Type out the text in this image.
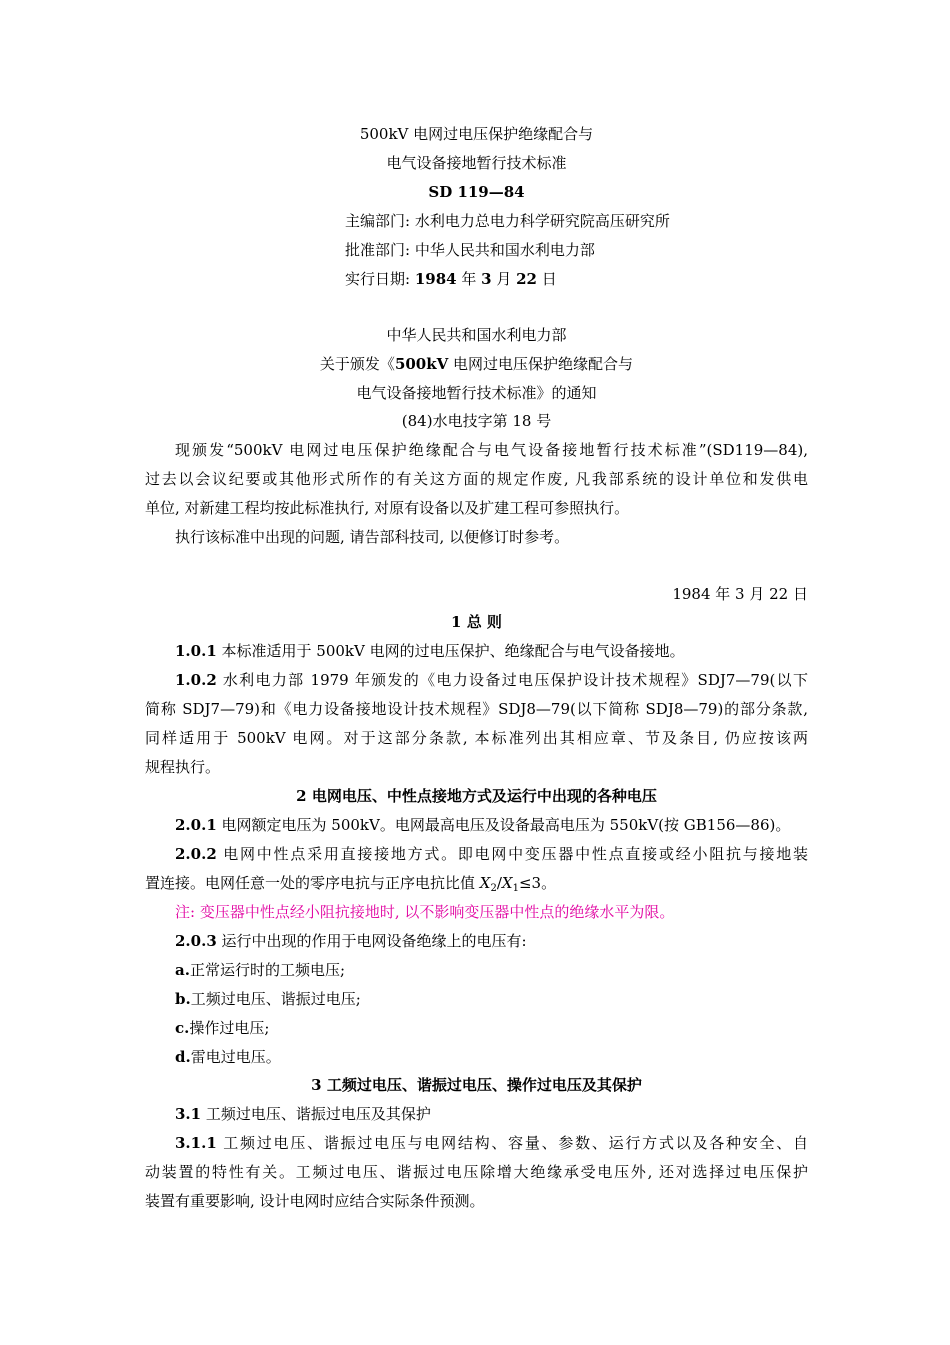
500kV 电网过电压保护绝缘配合与
电气设备接地暂行技术标准
SD 119—84
主编部门: 水利电力总电力科学研究院高压研究所
批准部门: 中华人民共和国水利电力部
实行日期: 1984 年 3 月 22 日
中华人民共和国水利电力部
关于颁发《500kV 电网过电压保护绝缘配合与
电气设备接地暂行技术标准》的通知
(84)水电技字第 18 号
现颁发“500kV 电网过电压保护绝缘配合与电气设备接地暂行技术标准”(SD119—84),
过去以会议纪要或其他形式所作的有关这方面的规定作废, 凡我部系统的设计单位和发供电
单位, 对新建工程均按此标准执行, 对原有设备以及扩建工程可参照执行。
执行该标准中出现的问题, 请告部科技司, 以便修订时参考。
1984 年 3 月 22 日
1 总 则
1.0.1 本标准适用于 500kV 电网的过电压保护、绝缘配合与电气设备接地。
1.0.2 水利电力部 1979 年颁发的《电力设备过电压保护设计技术规程》SDJ7—79(以下
简称 SDJ7—79)和《电力设备接地设计技术规程》SDJ8—79(以下简称 SDJ8—79)的部分条款,
同样适用于 500kV 电网。对于这部分条款, 本标准列出其相应章、节及条目, 仍应按该两
规程执行。
2 电网电压、中性点接地方式及运行中出现的各种电压
2.0.1 电网额定电压为 500kV。电网最高电压及设备最高电压为 550kV(按 GB156—86)。
2.0.2 电网中性点采用直接接地方式。即电网中变压器中性点直接或经小阻抗与接地装
置连接。电网任意一处的零序电抗与正序电抗比值 $X_2/X_1\le 3$。
注: 变压器中性点经小阻抗接地时, 以不影响变压器中性点的绝缘水平为限。
2.0.3 运行中出现的作用于电网设备绝缘上的电压有:
a.正常运行时的工频电压;
b.工频过电压、谐振过电压;
c.操作过电压;
d.雷电过电压。
3 工频过电压、谐振过电压、操作过电压及其保护
3.1 工频过电压、谐振过电压及其保护
3.1.1 工频过电压、谐振过电压与电网结构、容量、参数、运行方式以及各种安全、自
动装置的特性有关。工频过电压、谐振过电压除增大绝缘承受电压外, 还对选择过电压保护
装置有重要影响, 设计电网时应结合实际条件预测。
